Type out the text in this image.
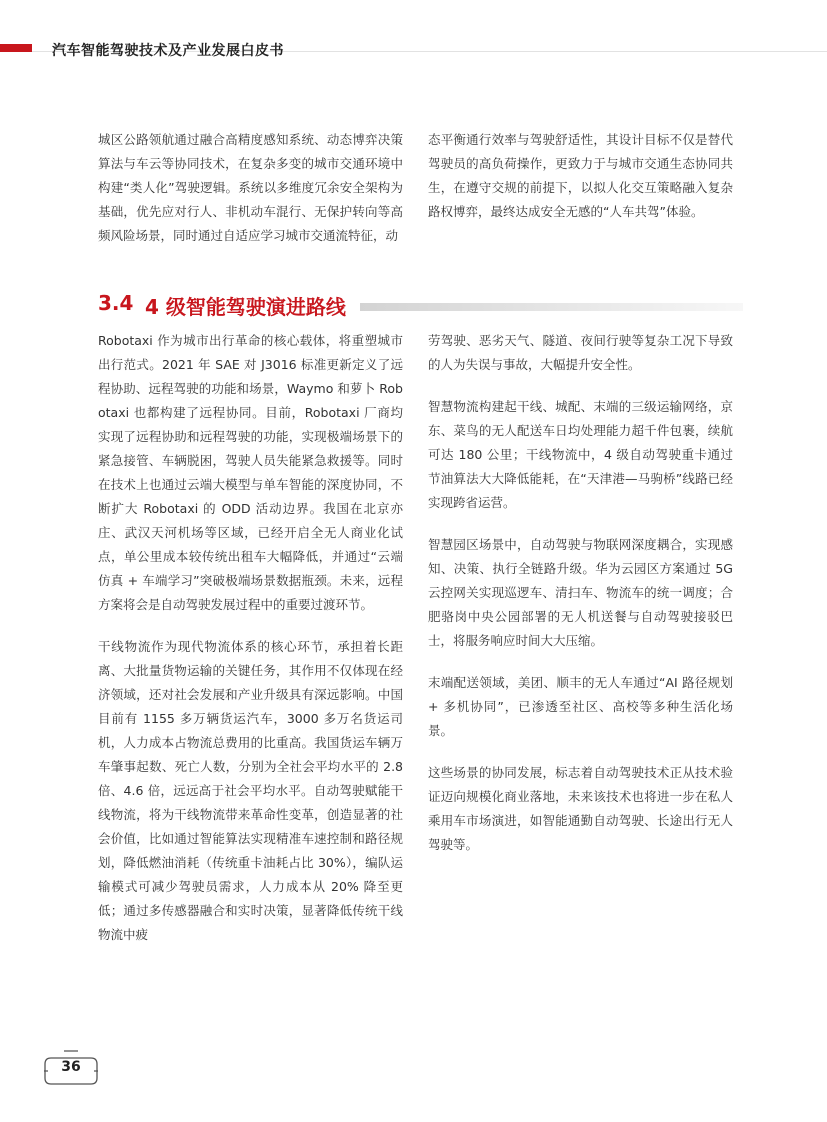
汽车智能驾驶技术及产业发展白皮书

城区公路领航通过融合高精度感知系统、动态博弈决策算法与车云等协同技术，在复杂多变的城市交通环境中构建“类人化”驾驶逻辑。系统以多维度冗余安全架构为基础，优先应对行人、非机动车混行、无保护转向等高频风险场景，同时通过自适应学习城市交通流特征，动

态平衡通行效率与驾驶舒适性，其设计目标不仅是替代驾驶员的高负荷操作，更致力于与城市交通生态协同共生，在遵守交规的前提下，以拟人化交互策略融入复杂路权博弈，最终达成安全无感的“人车共驾”体验。

3.4 4 级智能驾驶演进路线

Robotaxi 作为城市出行革命的核心载体，将重塑城市出行范式。2021 年 SAE 对 J3016 标准更新定义了远程协助、远程驾驶的功能和场景，Waymo 和萝卜 Robotaxi 也都构建了远程协同。目前，Robotaxi 厂商均实现了远程协助和远程驾驶的功能，实现极端场景下的紧急接管、车辆脱困，驾驶人员失能紧急救援等。同时在技术上也通过云端大模型与单车智能的深度协同，不断扩大 Robotaxi 的 ODD 活动边界。我国在北京亦庄、武汉天河机场等区域，已经开启全无人商业化试点，单公里成本较传统出租车大幅降低，并通过“云端仿真 + 车端学习”突破极端场景数据瓶颈。未来，远程方案将会是自动驾驶发展过程中的重要过渡环节。

干线物流作为现代物流体系的核心环节，承担着长距离、大批量货物运输的关键任务，其作用不仅体现在经济领域，还对社会发展和产业升级具有深远影响。中国目前有 1155 多万辆货运汽车，3000 多万名货运司机，人力成本占物流总费用的比重高。我国货运车辆万车肇事起数、死亡人数，分别为全社会平均水平的 2.8 倍、4.6 倍，远远高于社会平均水平。自动驾驶赋能干线物流，将为干线物流带来革命性变革，创造显著的社会价值，比如通过智能算法实现精准车速控制和路径规划，降低燃油消耗（传统重卡油耗占比 30%），编队运输模式可减少驾驶员需求，人力成本从 20% 降至更低；通过多传感器融合和实时决策，显著降低传统干线物流中疲

劳驾驶、恶劣天气、隧道、夜间行驶等复杂工况下导致的人为失误与事故，大幅提升安全性。

智慧物流构建起干线、城配、末端的三级运输网络，京东、菜鸟的无人配送车日均处理能力超千件包裹，续航可达 180 公里；干线物流中，4 级自动驾驶重卡通过节油算法大大降低能耗，在“天津港—马驹桥”线路已经实现跨省运营。

智慧园区场景中，自动驾驶与物联网深度耦合，实现感知、决策、执行全链路升级。华为云园区方案通过 5G 云控网关实现巡逻车、清扫车、物流车的统一调度；合肥骆岗中央公园部署的无人机送餐与自动驾驶接驳巴士，将服务响应时间大大压缩。

末端配送领域，美团、顺丰的无人车通过“AI 路径规划 + 多机协同”，已渗透至社区、高校等多种生活化场景。

这些场景的协同发展，标志着自动驾驶技术正从技术验证迈向规模化商业落地，未来该技术也将进一步在私人乘用车市场演进，如智能通勤自动驾驶、长途出行无人驾驶等。

36
